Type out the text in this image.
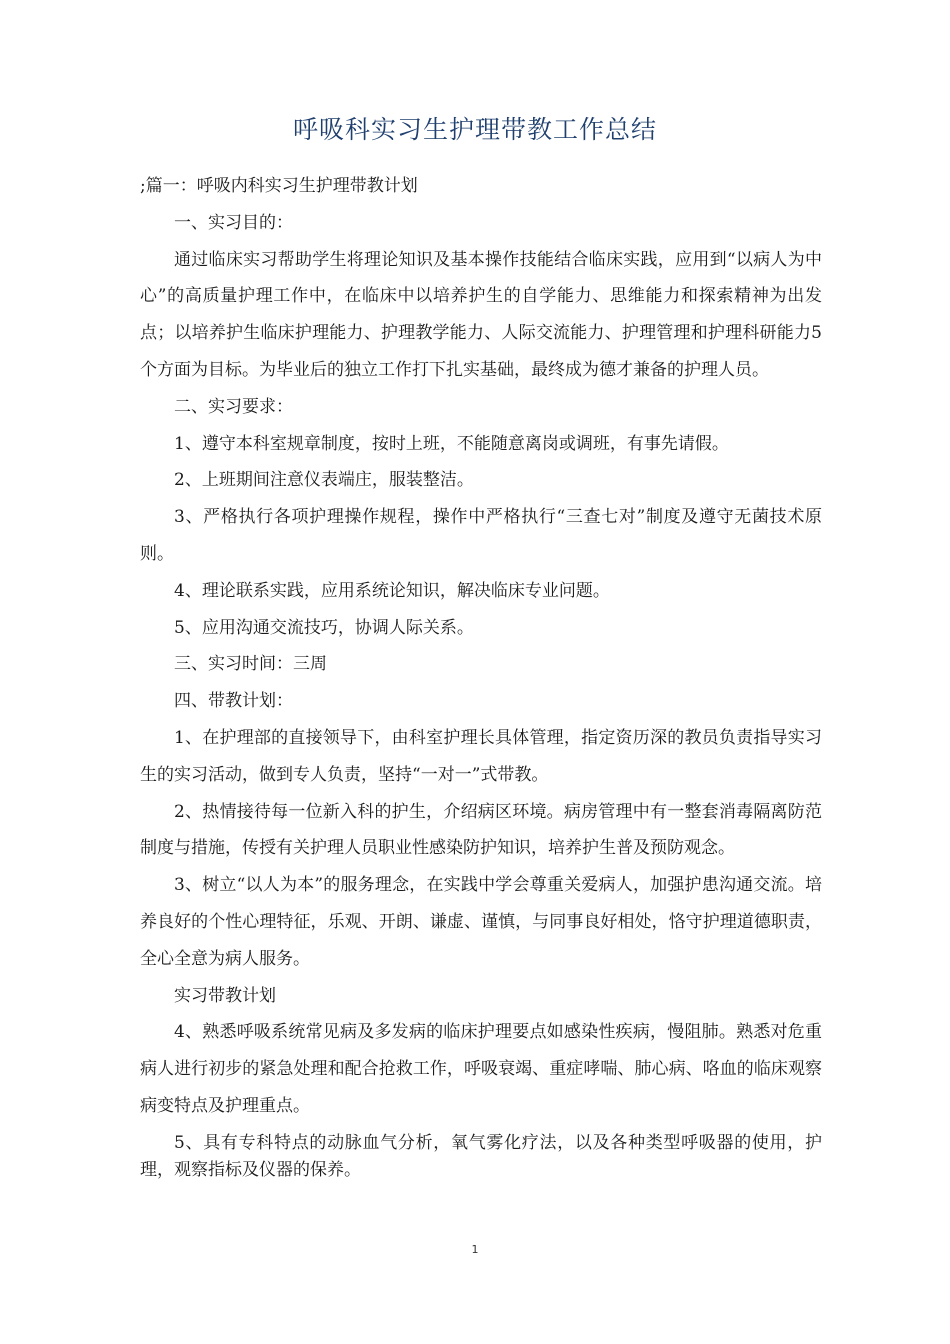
呼吸科实习生护理带教工作总结

;篇一：呼吸内科实习生护理带教计划

一、实习目的：

通过临床实习帮助学生将理论知识及基本操作技能结合临床实践，应用到“以病人为中心”的高质量护理工作中，在临床中以培养护生的自学能力、思维能力和探索精神为出发点；以培养护生临床护理能力、护理教学能力、人际交流能力、护理管理和护理科研能力5个方面为目标。为毕业后的独立工作打下扎实基础，最终成为德才兼备的护理人员。

二、实习要求：

1、遵守本科室规章制度，按时上班，不能随意离岗或调班，有事先请假。

2、上班期间注意仪表端庄，服装整洁。

3、严格执行各项护理操作规程，操作中严格执行“三查七对”制度及遵守无菌技术原则。

4、理论联系实践，应用系统论知识，解决临床专业问题。

5、应用沟通交流技巧，协调人际关系。

三、实习时间：三周

四、带教计划：

1、在护理部的直接领导下，由科室护理长具体管理，指定资历深的教员负责指导实习生的实习活动，做到专人负责，坚持“一对一”式带教。

2、热情接待每一位新入科的护生，介绍病区环境。病房管理中有一整套消毒隔离防范制度与措施，传授有关护理人员职业性感染防护知识，培养护生普及预防观念。

3、树立“以人为本”的服务理念，在实践中学会尊重关爱病人，加强护患沟通交流。培养良好的个性心理特征，乐观、开朗、谦虚、谨慎，与同事良好相处，恪守护理道德职责，全心全意为病人服务。

实习带教计划

4、熟悉呼吸系统常见病及多发病的临床护理要点如感染性疾病，慢阻肺。熟悉对危重病人进行初步的紧急处理和配合抢救工作，呼吸衰竭、重症哮喘、肺心病、咯血的临床观察病变特点及护理重点。

5、具有专科特点的动脉血气分析，氧气雾化疗法，以及各种类型呼吸器的使用，护理，观察指标及仪器的保养。

1
